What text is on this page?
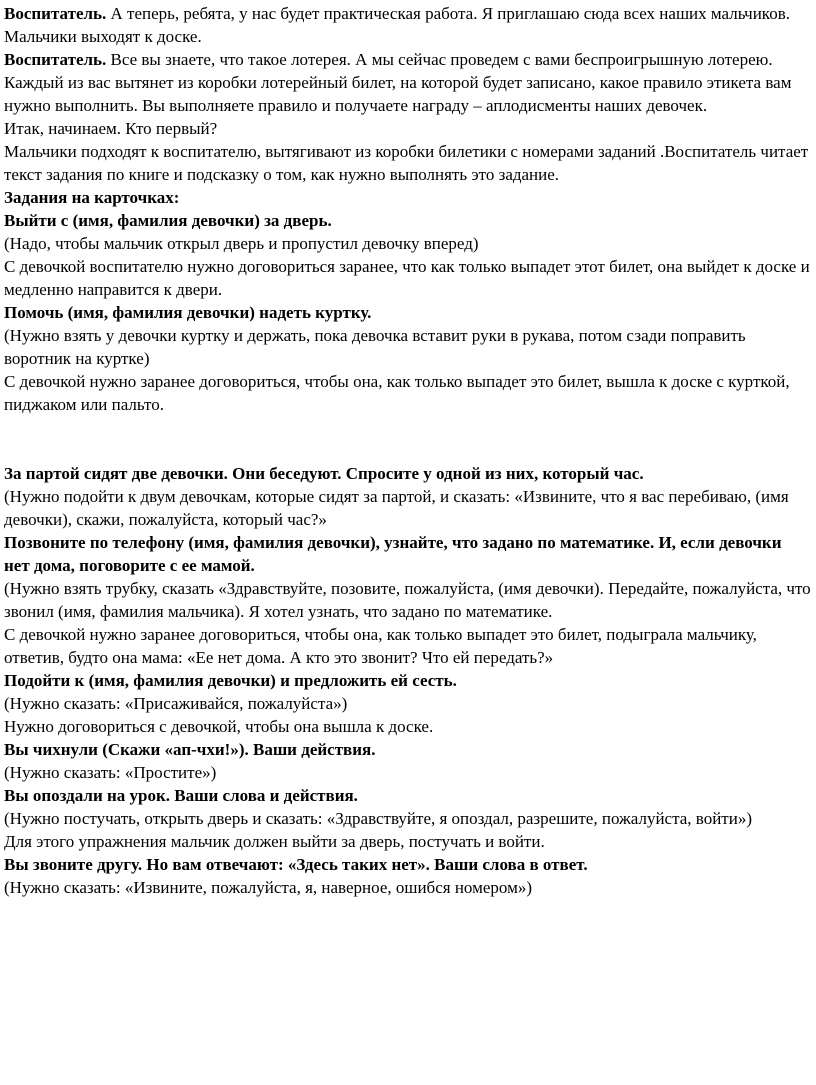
Воспитатель. А теперь, ребята, у нас будет практическая работа. Я приглашаю сюда всех наших мальчиков.

Мальчики выходят к доске.

Воспитатель. Все вы знаете, что такое лотерея. А мы сейчас проведем с вами беспроигрышную лотерею. Каждый из вас вытянет из коробки лотерейный билет, на которой будет записано, какое правило этикета вам нужно выполнить. Вы выполняете правило и получаете награду – аплодисменты наших девочек.

Итак, начинаем. Кто первый?

Мальчики подходят к воспитателю, вытягивают из коробки билетики с номерами заданий .Воспитатель читает текст задания по книге и подсказку о том, как нужно выполнять это задание.

Задания на карточках:

Выйти с (имя, фамилия девочки) за дверь.

(Надо, чтобы мальчик открыл дверь и пропустил девочку вперед)

С девочкой воспитателю нужно договориться заранее, что как только выпадет этот билет, она выйдет к доске и медленно направится к двери.

Помочь (имя, фамилия девочки) надеть куртку.

(Нужно взять у девочки куртку и держать, пока девочка вставит руки в рукава, потом сзади поправить воротник на куртке)

С девочкой нужно заранее договориться, чтобы она, как только выпадет это билет, вышла к доске с курткой, пиджаком или пальто.

За партой сидят две девочки. Они беседуют. Спросите у одной из них, который час.

(Нужно подойти к двум девочкам, которые сидят за партой, и сказать: «Извините, что я вас перебиваю, (имя девочки), скажи, пожалуйста, который час?»

Позвоните по телефону (имя, фамилия девочки), узнайте, что задано по математике. И, если девочки нет дома, поговорите с ее мамой.

(Нужно взять трубку, сказать «Здравствуйте, позовите, пожалуйста, (имя девочки). Передайте, пожалуйста, что звонил (имя, фамилия мальчика). Я хотел узнать, что задано по математике.

С девочкой нужно заранее договориться, чтобы она, как только выпадет это билет, подыграла мальчику, ответив, будто она мама: «Ее нет дома. А кто это звонит? Что ей передать?»

Подойти к (имя, фамилия девочки) и предложить ей сесть.

(Нужно сказать: «Присаживайся, пожалуйста»)

Нужно договориться с девочкой, чтобы она вышла к доске.

Вы чихнули (Скажи «ап-чхи!»). Ваши действия.

(Нужно сказать: «Простите»)

Вы опоздали на урок. Ваши слова и действия.

(Нужно постучать, открыть дверь и сказать: «Здравствуйте, я опоздал, разрешите, пожалуйста, войти»)

Для этого упражнения мальчик должен выйти за дверь, постучать и войти.

Вы звоните другу. Но вам отвечают: «Здесь таких нет». Ваши слова в ответ.

(Нужно сказать: «Извините, пожалуйста, я, наверное, ошибся номером»)
